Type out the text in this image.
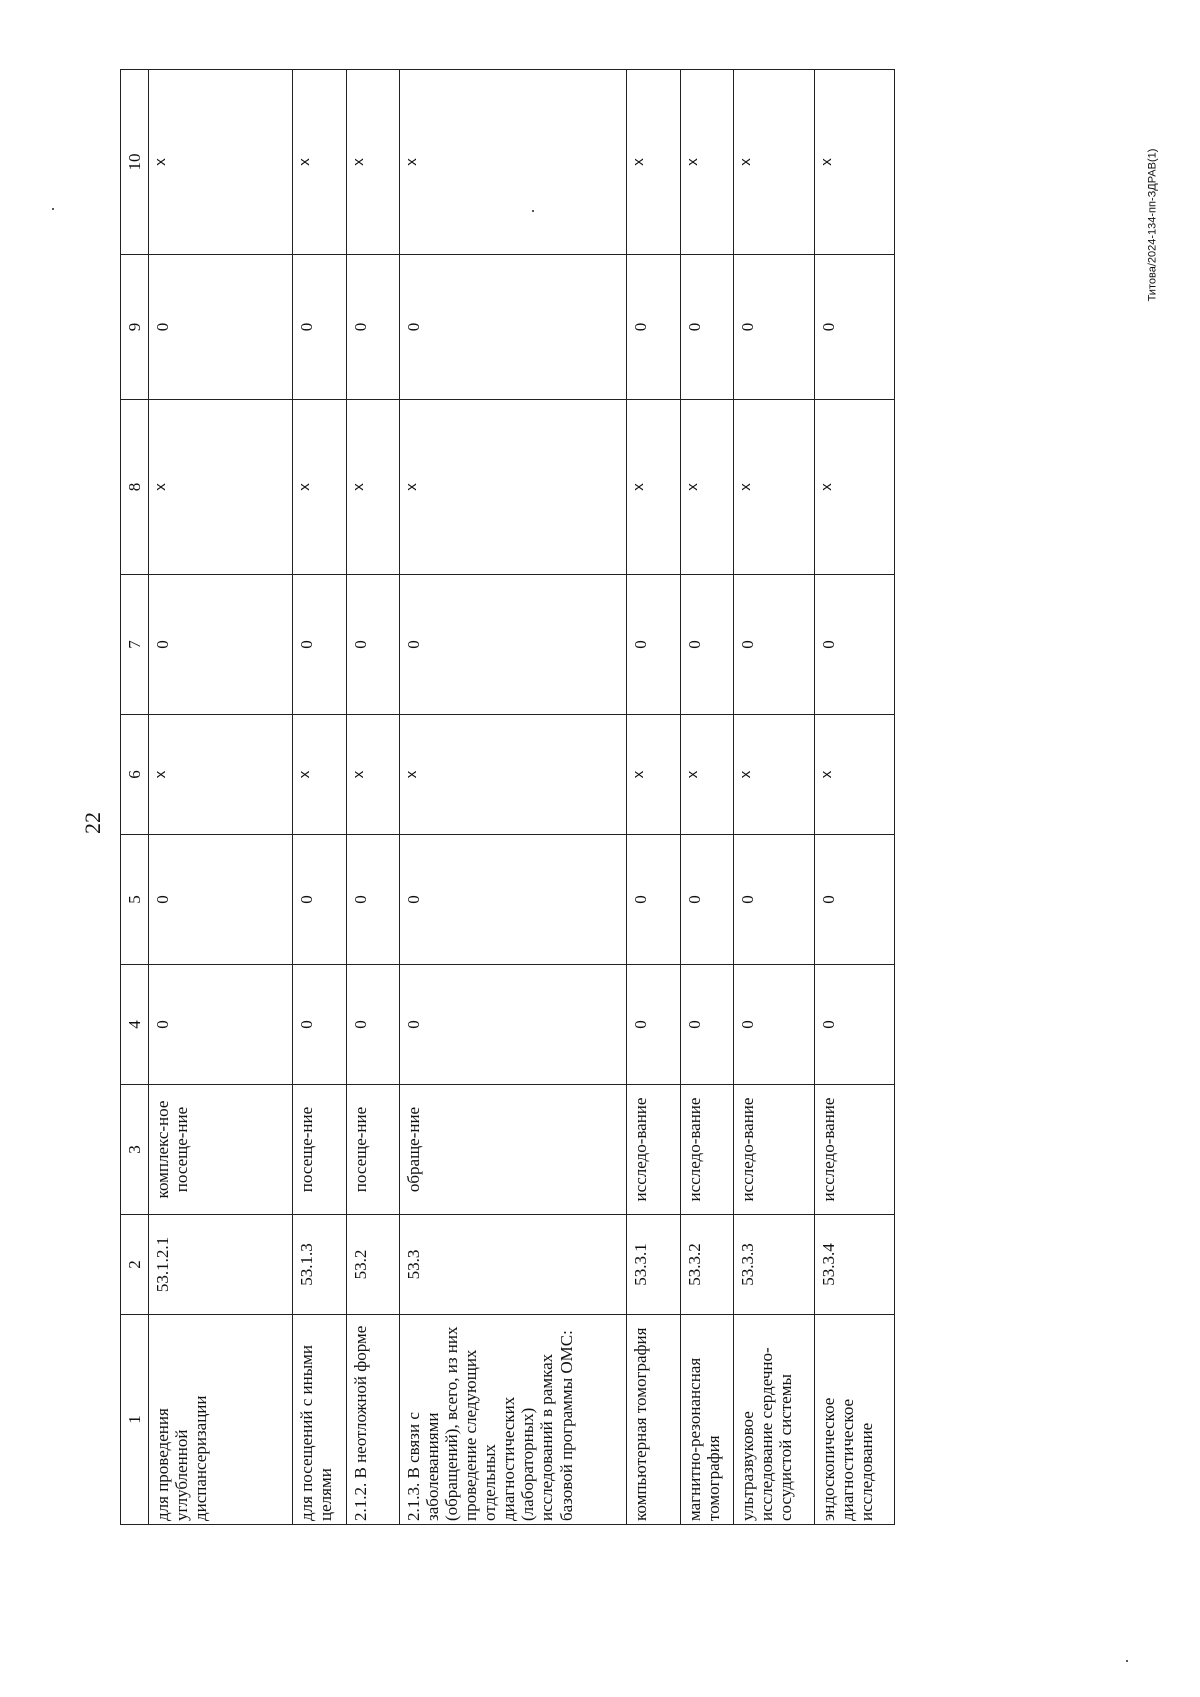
22
Титова/2024-134-пп-ЗДРАВ(1)
1	2	3	4	5	6	7	8	9	10
для проведения углубленной диспансеризации	53.1.2.1	комплекс-ное посеще-ние	0	0	х	0	х	0	х
для посещений с иными целями	53.1.3	посеще-ние	0	0	х	0	х	0	х
2.1.2. В неотложной форме	53.2	посеще-ние	0	0	х	0	х	0	х
2.1.3. В связи с заболеваниями (обращений), всего, из них проведение следующих отдельных диагностических (лабораторных) исследований в рамках базовой программы ОМС:	53.3	обраще-ние	0	0	х	0	х	0	х
компьютерная томография	53.3.1	исследо-вание	0	0	х	0	х	0	х
магнитно-резонансная томография	53.3.2	исследо-вание	0	0	х	0	х	0	х
ультразвуковое исследование сердечно-сосудистой системы	53.3.3	исследо-вание	0	0	х	0	х	0	х
эндоскопическое диагностическое исследование	53.3.4	исследо-вание	0	0	х	0	х	0	х
